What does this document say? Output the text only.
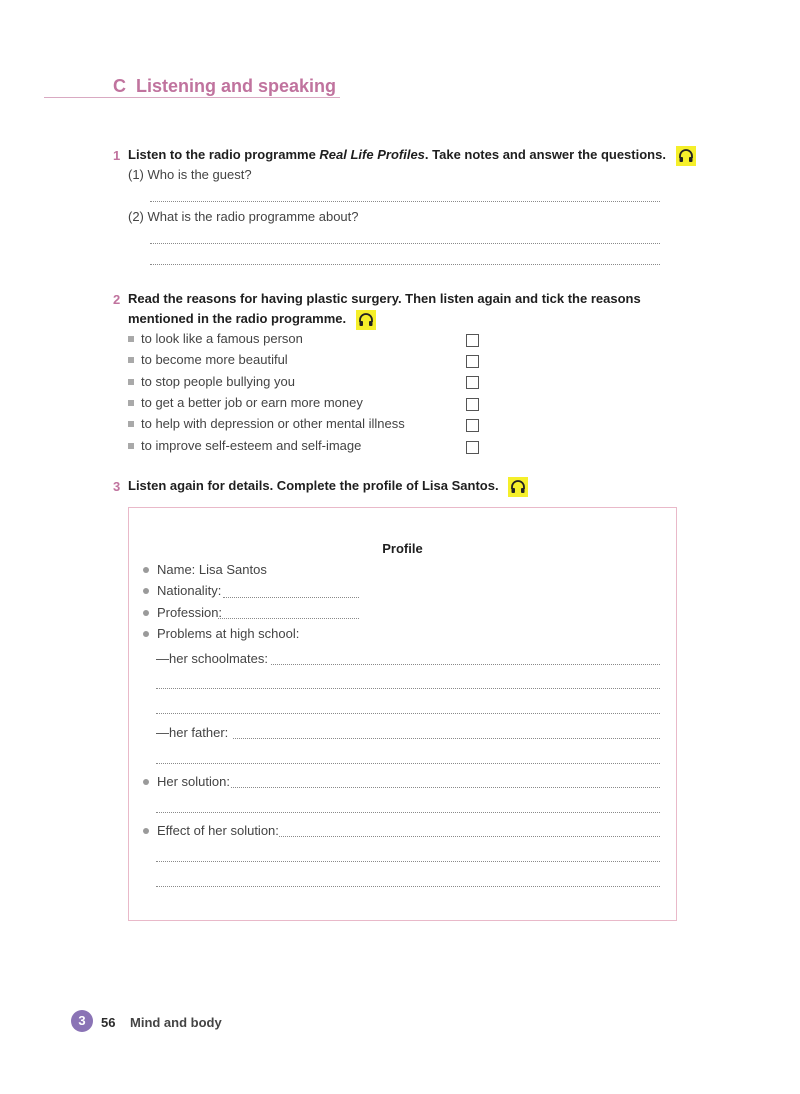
C Listening and speaking
1 Listen to the radio programme Real Life Profiles. Take notes and answer the questions.
(1) Who is the guest?
(2) What is the radio programme about?
2 Read the reasons for having plastic surgery. Then listen again and tick the reasons
mentioned in the radio programme.
to look like a famous person
to become more beautiful
to stop people bullying you
to get a better job or earn more money
to help with depression or other mental illness
to improve self-esteem and self-image
3 Listen again for details. Complete the profile of Lisa Santos.
Profile
Name: Lisa Santos
Nationality:
Profession:
Problems at high school:
—her schoolmates:
—her father:
Her solution:
Effect of her solution:
3	56 Mind and body
